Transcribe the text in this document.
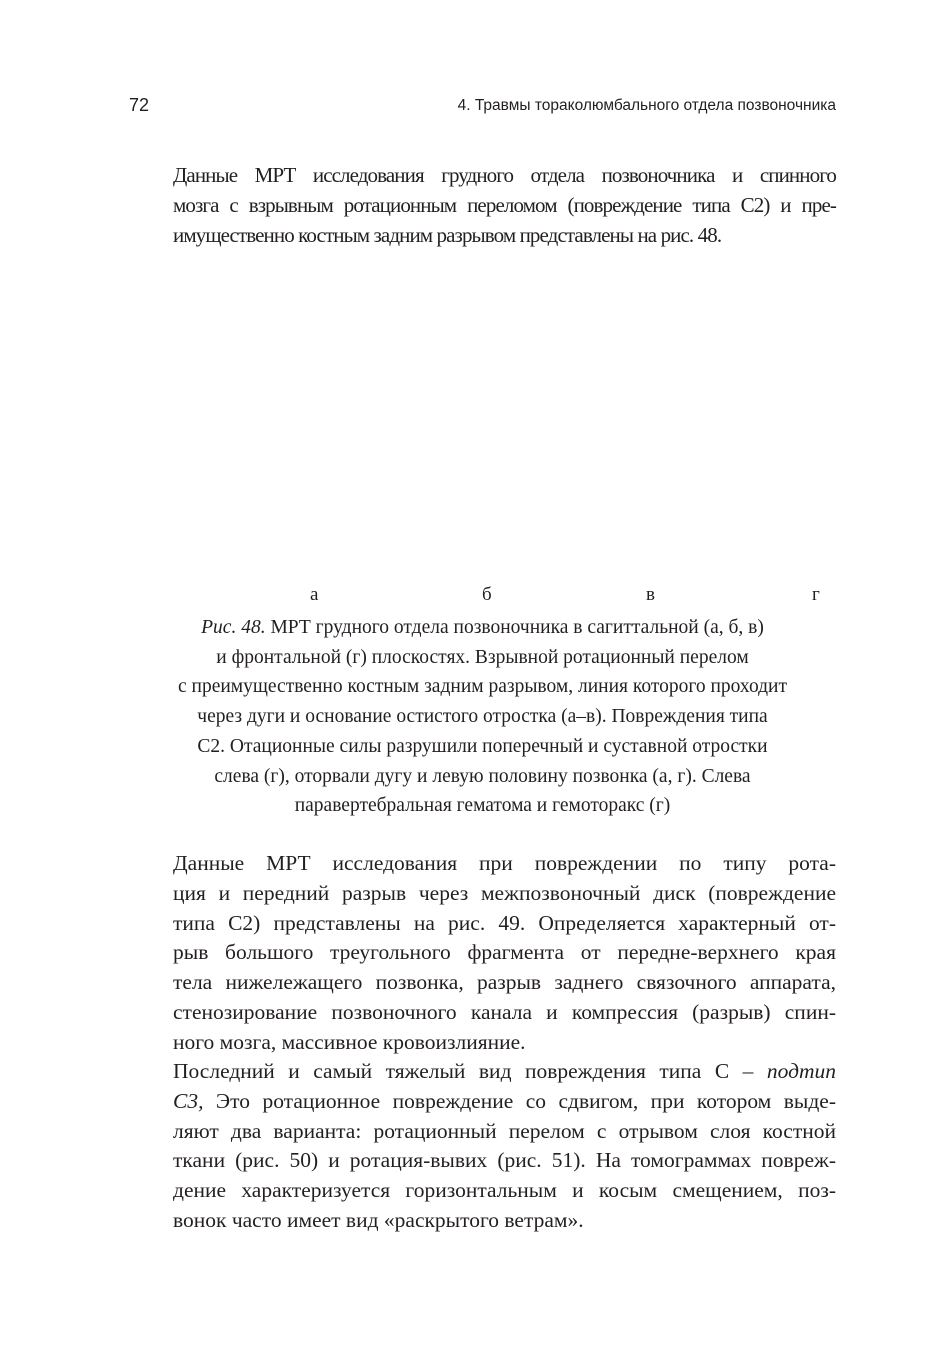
72	4. Травмы тораколюмбального отдела позвоночника

Данные МРТ исследования грудного отдела позвоночника и спинного
мозга с взрывным ротационным переломом (повреждение типа С2) и пре-
имущественно костным задним разрывом представлены на рис. 48.

а	б	в	г

Рис. 48. МРТ грудного отдела позвоночника в сагиттальной (а, б, в)
и фронтальной (г) плоскостях. Взрывной ротационный перелом
с преимущественно костным задним разрывом, линия которого проходит
через дуги и основание остистого отростка (а–в). Повреждения типа
С2. Отационные силы разрушили поперечный и суставной отростки
слева (г), оторвали дугу и левую половину позвонка (а, г). Слева
паравертебральная гематома и гемоторакс (г)

Данные МРТ исследования при повреждении по типу рота-
ция и передний разрыв через межпозвоночный диск (повреждение
типа С2) представлены на рис. 49. Определяется характерный от-
рыв большого треугольного фрагмента от передне-верхнего края
тела нижележащего позвонка, разрыв заднего связочного аппарата,
стенозирование позвоночного канала и компрессия (разрыв) спин-
ного мозга, массивное кровоизлияние.

Последний и самый тяжелый вид повреждения типа С – подтип
С3, Это ротационное повреждение со сдвигом, при котором выде-
ляют два варианта: ротационный перелом с отрывом слоя костной
ткани (рис. 50) и ротация-вывих (рис. 51). На томограммах повреж-
дение характеризуется горизонтальным и косым смещением, поз-
вонок часто имеет вид «раскрытого ветрам».
